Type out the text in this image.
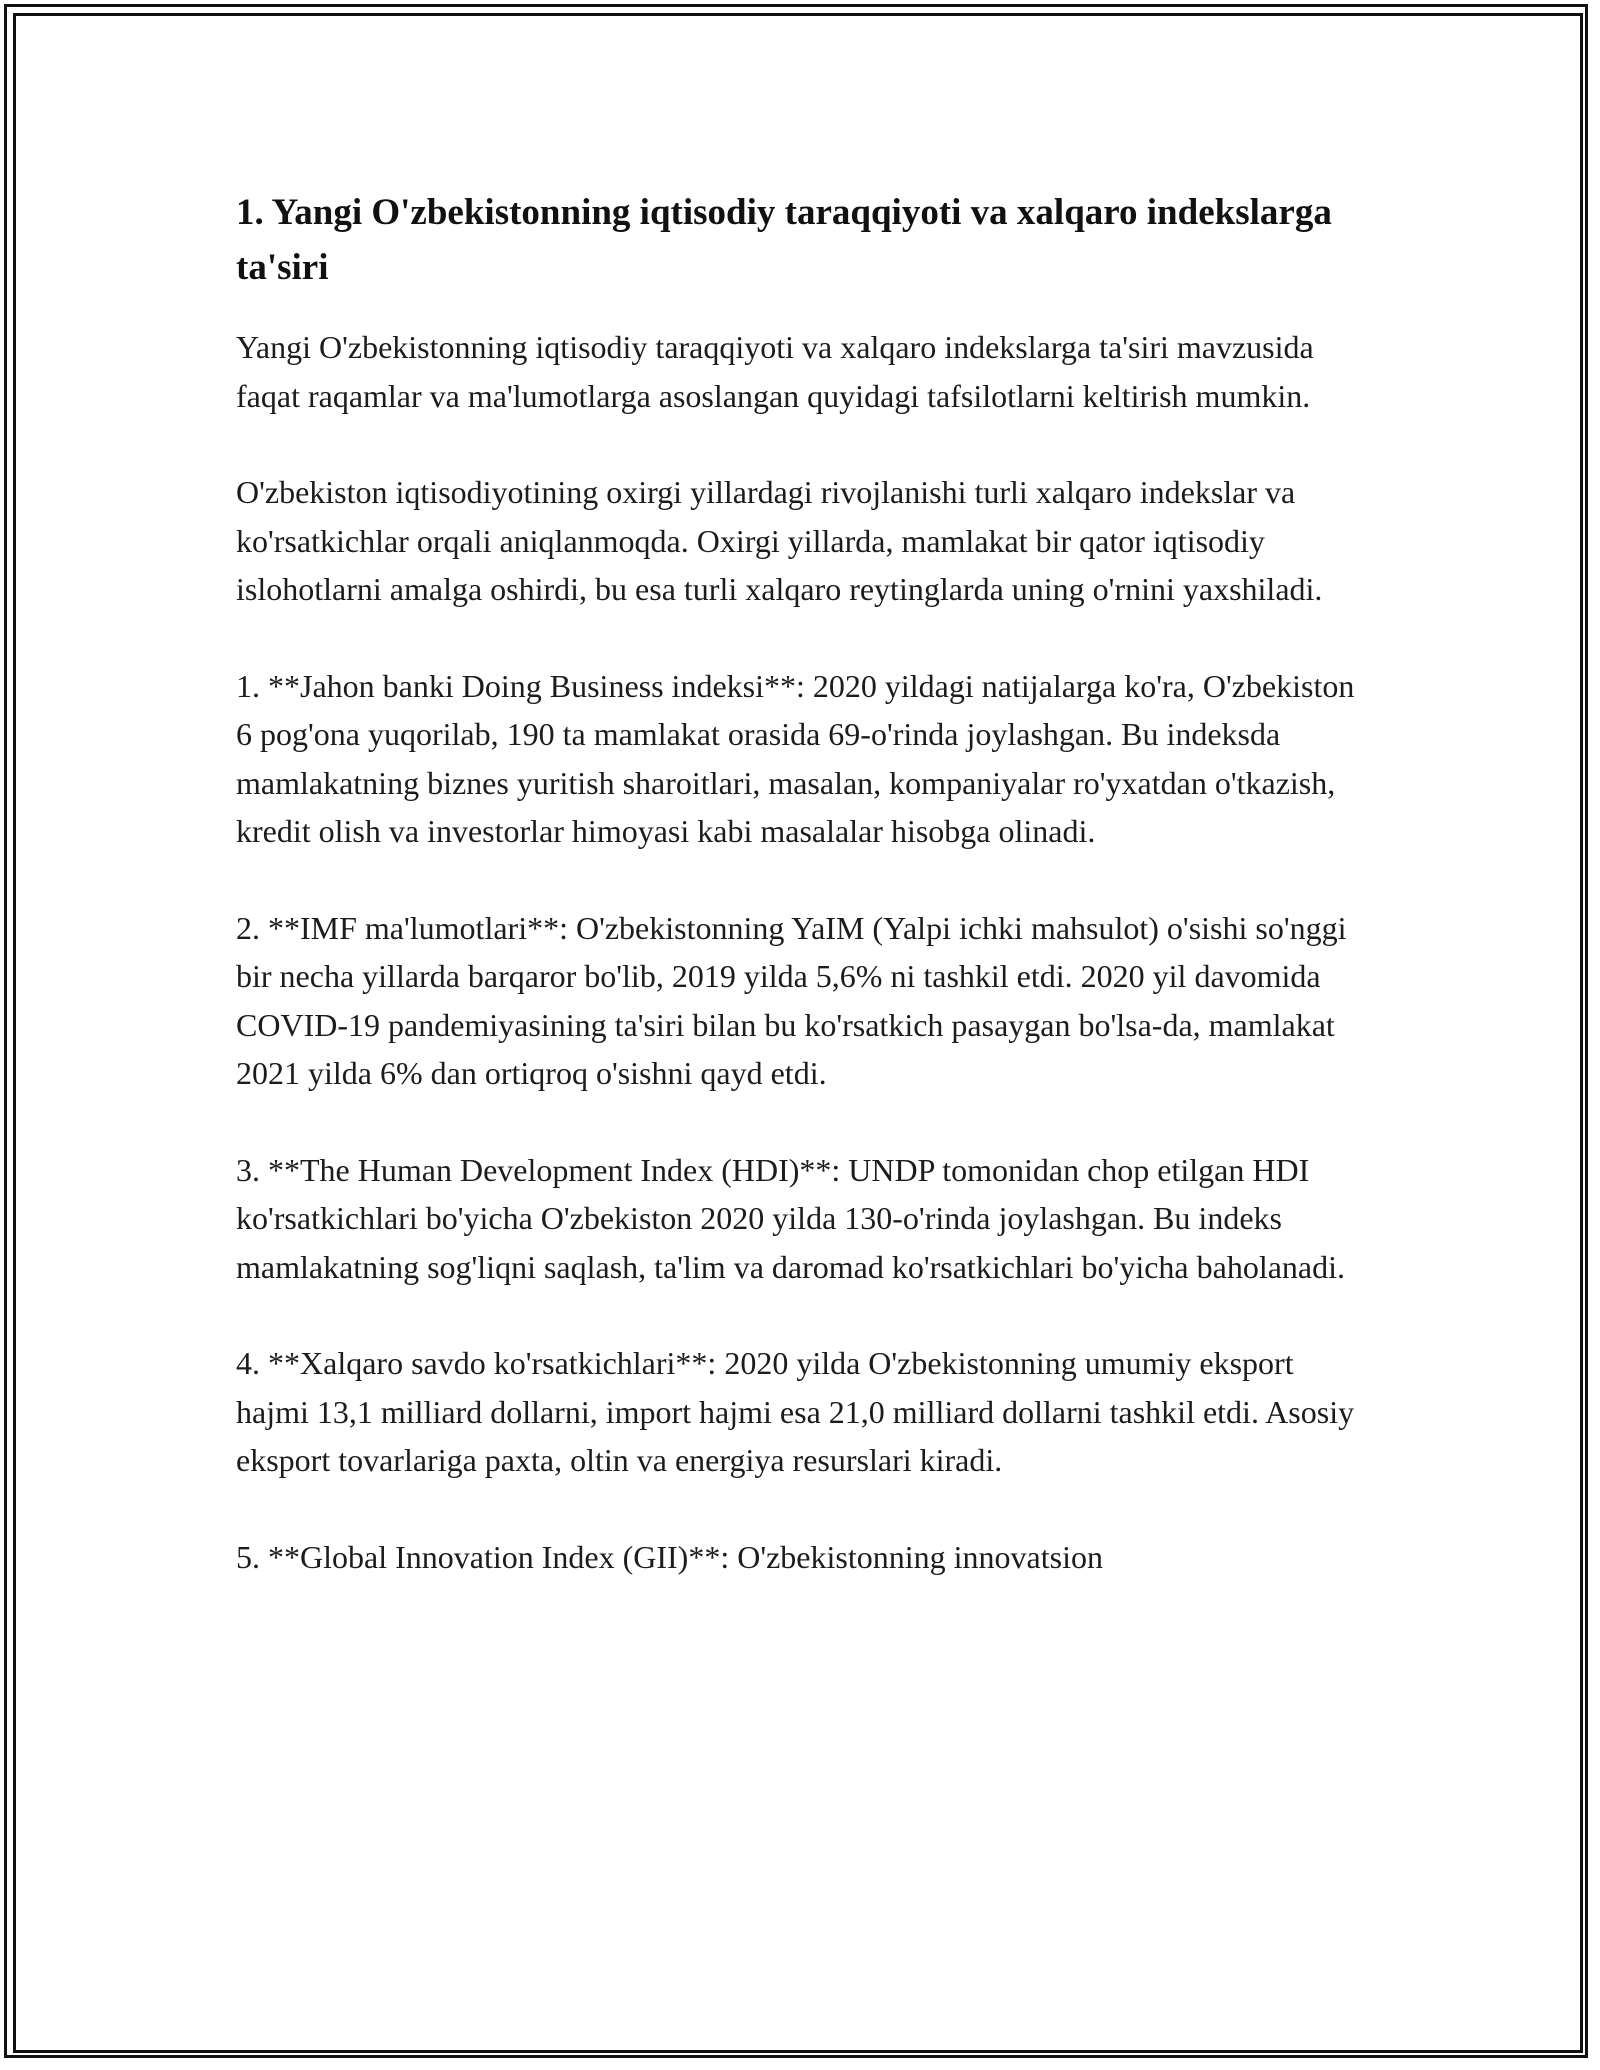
1. Yangi O'zbekistonning iqtisodiy taraqqiyoti va xalqaro indekslarga ta'siri

Yangi O'zbekistonning iqtisodiy taraqqiyoti va xalqaro indekslarga ta'siri mavzusida faqat raqamlar va ma'lumotlarga asoslangan quyidagi tafsilotlarni keltirish mumkin.

O'zbekiston iqtisodiyotining oxirgi yillardagi rivojlanishi turli xalqaro indekslar va ko'rsatkichlar orqali aniqlanmoqda. Oxirgi yillarda, mamlakat bir qator iqtisodiy islohotlarni amalga oshirdi, bu esa turli xalqaro reytinglarda uning o'rnini yaxshiladi.

1. **Jahon banki Doing Business indeksi**: 2020 yildagi natijalarga ko'ra, O'zbekiston 6 pog'ona yuqorilab, 190 ta mamlakat orasida 69-o'rinda joylashgan. Bu indeksda mamlakatning biznes yuritish sharoitlari, masalan, kompaniyalar ro'yxatdan o'tkazish, kredit olish va investorlar himoyasi kabi masalalar hisobga olinadi.

2. **IMF ma'lumotlari**: O'zbekistonning YaIM (Yalpi ichki mahsulot) o'sishi so'nggi bir necha yillarda barqaror bo'lib, 2019 yilda 5,6% ni tashkil etdi. 2020 yil davomida COVID-19 pandemiyasining ta'siri bilan bu ko'rsatkich pasaygan bo'lsa-da, mamlakat 2021 yilda 6% dan ortiqroq o'sishni qayd etdi.

3. **The Human Development Index (HDI)**: UNDP tomonidan chop etilgan HDI ko'rsatkichlari bo'yicha O'zbekiston 2020 yilda 130-o'rinda joylashgan. Bu indeks mamlakatning sog'liqni saqlash, ta'lim va daromad ko'rsatkichlari bo'yicha baholanadi.

4. **Xalqaro savdo ko'rsatkichlari**: 2020 yilda O'zbekistonning umumiy eksport hajmi 13,1 milliard dollarni, import hajmi esa 21,0 milliard dollarni tashkil etdi. Asosiy eksport tovarlariga paxta, oltin va energiya resurslari kiradi.

5. **Global Innovation Index (GII)**: O'zbekistonning innovatsion
